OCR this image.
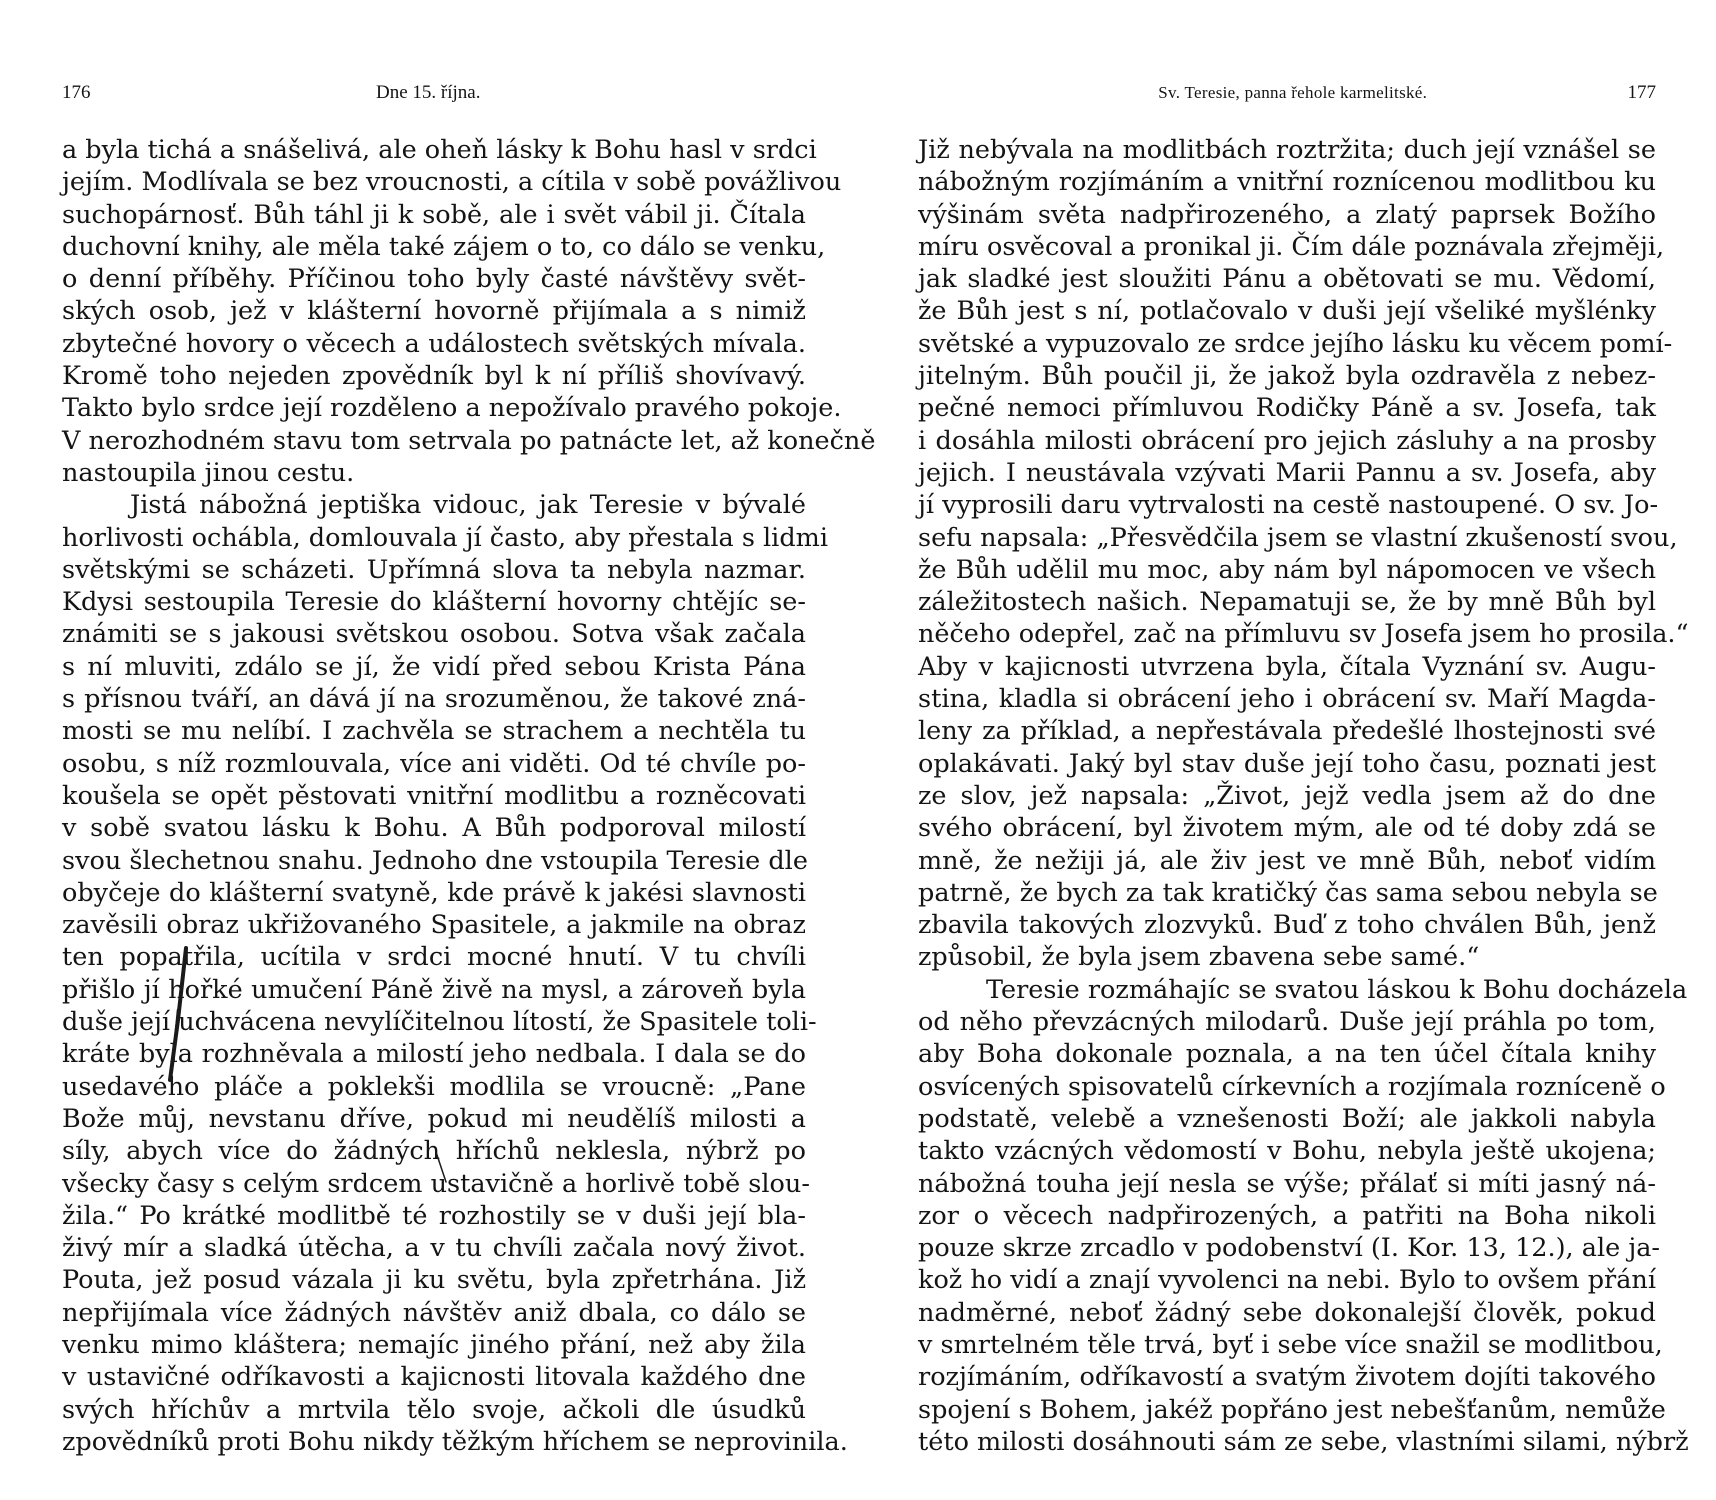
176	Dne 15. října.
a byla tichá a snášelivá, ale oheň lásky k Bohu hasl v srdci
jejím. Modlívala se bez vroucnosti, a cítila v sobě povážlivou
suchopárnosť. Bůh táhl ji k sobě, ale i svět vábil ji. Čítala
duchovní knihy, ale měla také zájem o to, co dálo se venku,
o denní příběhy. Příčinou toho byly časté návštěvy svět-
ských osob, jež v klášterní hovorně přijímala a s nimiž
zbytečné hovory o věcech a událostech světských mívala.
Kromě toho nejeden zpovědník byl k ní příliš shovívavý.
Takto bylo srdce její rozděleno a nepožívalo pravého pokoje.
V nerozhodném stavu tom setrvala po patnácte let, až konečně
nastoupila jinou cestu.
Jistá nábožná jeptiška vidouc, jak Teresie v bývalé
horlivosti ochábla, domlouvala jí často, aby přestala s lidmi
světskými se scházeti. Upřímná slova ta nebyla nazmar.
Kdysi sestoupila Teresie do klášterní hovorny chtějíc se-
známiti se s jakousi světskou osobou. Sotva však začala
s ní mluviti, zdálo se jí, že vidí před sebou Krista Pána
s přísnou tváří, an dává jí na srozuměnou, že takové zná-
mosti se mu nelíbí. I zachvěla se strachem a nechtěla tu
osobu, s níž rozmlouvala, více ani viděti. Od té chvíle po-
koušela se opět pěstovati vnitřní modlitbu a rozněcovati
v sobě svatou lásku k Bohu. A Bůh podporoval milostí
svou šlechetnou snahu. Jednoho dne vstoupila Teresie dle
obyčeje do klášterní svatyně, kde právě k jakési slavnosti
zavěsili obraz ukřižovaného Spasitele, a jakmile na obraz
ten popatřila, ucítila v srdci mocné hnutí. V tu chvíli
přišlo jí hořké umučení Páně živě na mysl, a zároveň byla
duše její uchvácena nevylíčitelnou lítostí, že Spasitele toli-
kráte byla rozhněvala a milostí jeho nedbala. I dala se do
usedavého pláče a poklekši modlila se vroucně: „Pane
Bože můj, nevstanu dříve, pokud mi neudělíš milosti a
síly, abych více do žádných hříchů neklesla, nýbrž po
všecky časy s celým srdcem ustavičně a horlivě tobě slou-
žila.“ Po krátké modlitbě té rozhostily se v duši její bla-
živý mír a sladká útěcha, a v tu chvíli začala nový život.
Pouta, jež posud vázala ji ku světu, byla zpřetrhána. Již
nepřijímala více žádných návštěv aniž dbala, co dálo se
venku mimo kláštera; nemajíc jiného přání, než aby žila
v ustavičné odříkavosti a kajicnosti litovala každého dne
svých hříchův a mrtvila tělo svoje, ačkoli dle úsudků
zpovědníků proti Bohu nikdy těžkým hříchem se neprovinila.
Sv. Teresie, panna řehole karmelitské.	177
Již nebývala na modlitbách roztržita; duch její vznášel se
nábožným rozjímáním a vnitřní roznícenou modlitbou ku
výšinám světa nadpřirozeného, a zlatý paprsek Božího
míru osvěcoval a pronikal ji. Čím dále poznávala zřejměji,
jak sladké jest sloužiti Pánu a obětovati se mu. Vědomí,
že Bůh jest s ní, potlačovalo v duši její všeliké myšlénky
světské a vypuzovalo ze srdce jejího lásku ku věcem pomí-
jitelným. Bůh poučil ji, že jakož byla ozdravěla z nebez-
pečné nemoci přímluvou Rodičky Páně a sv. Josefa, tak
i dosáhla milosti obrácení pro jejich zásluhy a na prosby
jejich. I neustávala vzývati Marii Pannu a sv. Josefa, aby
jí vyprosili daru vytrvalosti na cestě nastoupené. O sv. Jo-
sefu napsala: „Přesvědčila jsem se vlastní zkušeností svou,
že Bůh udělil mu moc, aby nám byl nápomocen ve všech
záležitostech našich. Nepamatuji se, že by mně Bůh byl
něčeho odepřel, zač na přímluvu sv Josefa jsem ho prosila.“
Aby v kajicnosti utvrzena byla, čítala Vyznání sv. Augu-
stina, kladla si obrácení jeho i obrácení sv. Maří Magda-
leny za příklad, a nepřestávala předešlé lhostejnosti své
oplakávati. Jaký byl stav duše její toho času, poznati jest
ze slov, jež napsala: „Život, jejž vedla jsem až do dne
svého obrácení, byl životem mým, ale od té doby zdá se
mně, že nežiji já, ale živ jest ve mně Bůh, neboť vidím
patrně, že bych za tak kratičký čas sama sebou nebyla se
zbavila takových zlozvyků. Buď z toho chválen Bůh, jenž
způsobil, že byla jsem zbavena sebe samé.“
Teresie rozmáhajíc se svatou láskou k Bohu docházela
od něho převzácných milodarů. Duše její práhla po tom,
aby Boha dokonale poznala, a na ten účel čítala knihy
osvícených spisovatelů církevních a rozjímala rozníceně o
podstatě, velebě a vznešenosti Boží; ale jakkoli nabyla
takto vzácných vědomostí v Bohu, nebyla ještě ukojena;
nábožná touha její nesla se výše; přálať si míti jasný ná-
zor o věcech nadpřirozených, a patřiti na Boha nikoli
pouze skrze zrcadlo v podobenství (I. Kor. 13, 12.), ale ja-
kož ho vidí a znají vyvolenci na nebi. Bylo to ovšem přání
nadměrné, neboť žádný sebe dokonalejší člověk, pokud
v smrtelném těle trvá, byť i sebe více snažil se modlitbou,
rozjímáním, odříkavostí a svatým životem dojíti takového
spojení s Bohem, jakéž popřáno jest nebešťanům, nemůže
této milosti dosáhnouti sám ze sebe, vlastními silami, nýbrž
